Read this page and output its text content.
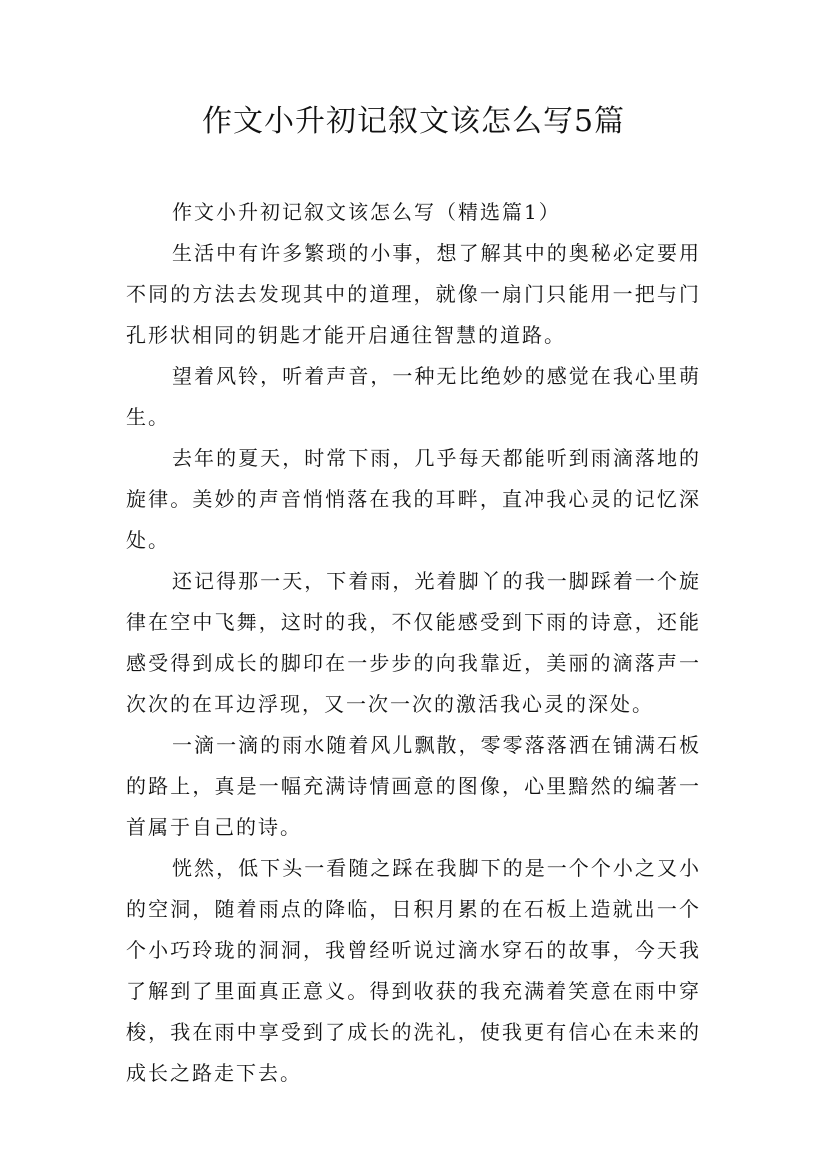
作文小升初记叙文该怎么写5篇

作文小升初记叙文该怎么写（精选篇1）

生活中有许多繁琐的小事，想了解其中的奥秘必定要用不同的方法去发现其中的道理，就像一扇门只能用一把与门孔形状相同的钥匙才能开启通往智慧的道路。

望着风铃，听着声音，一种无比绝妙的感觉在我心里萌生。

去年的夏天，时常下雨，几乎每天都能听到雨滴落地的旋律。美妙的声音悄悄落在我的耳畔，直冲我心灵的记忆深处。

还记得那一天，下着雨，光着脚丫的我一脚踩着一个旋律在空中飞舞，这时的我，不仅能感受到下雨的诗意，还能感受得到成长的脚印在一步步的向我靠近，美丽的滴落声一次次的在耳边浮现，又一次一次的激活我心灵的深处。

一滴一滴的雨水随着风儿飘散，零零落落洒在铺满石板的路上，真是一幅充满诗情画意的图像，心里黯然的编著一首属于自己的诗。

恍然，低下头一看随之踩在我脚下的是一个个小之又小的空洞，随着雨点的降临，日积月累的在石板上造就出一个个小巧玲珑的洞洞，我曾经听说过滴水穿石的故事，今天我了解到了里面真正意义。得到收获的我充满着笑意在雨中穿梭，我在雨中享受到了成长的洗礼，使我更有信心在未来的成长之路走下去。
